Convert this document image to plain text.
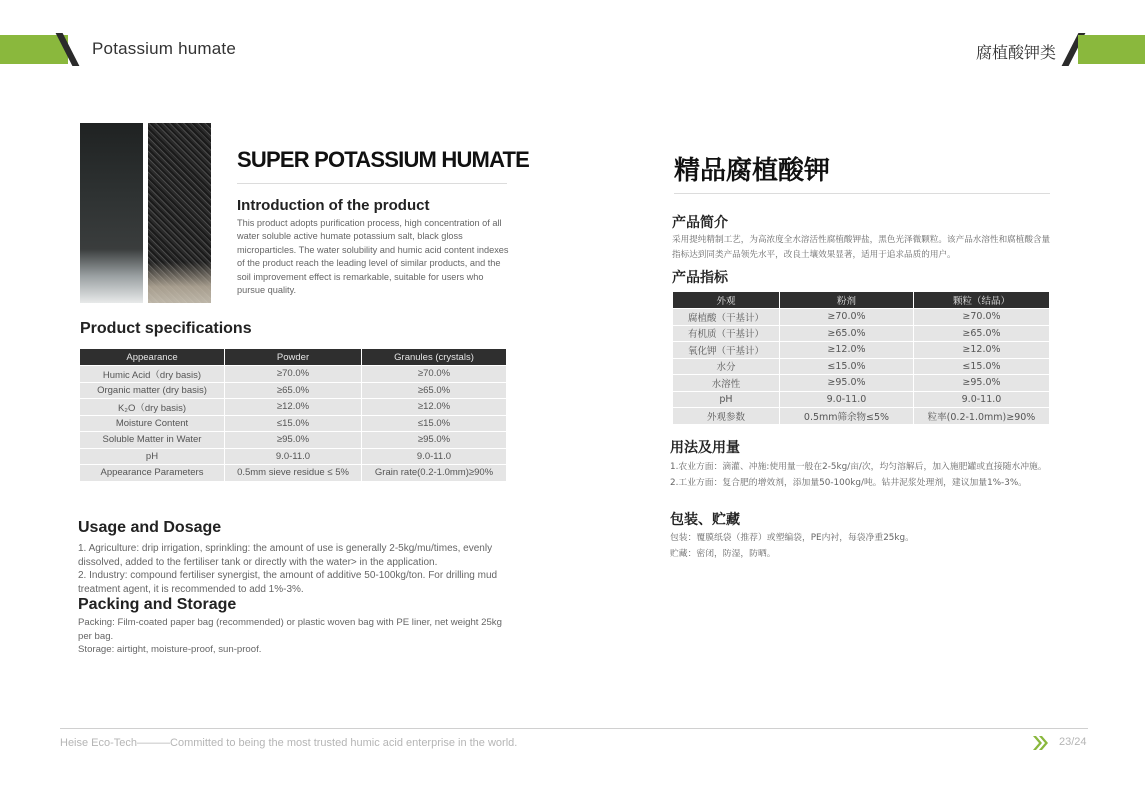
Potassium humate	腐植酸钾类
SUPER POTASSIUM HUMATE
Introduction of the product
This product adopts purification process, high concentration of all water soluble active humate potassium salt, black gloss microparticles. The water solubility and humic acid content indexes of the product reach the leading level of similar products, and the soil improvement effect is remarkable, suitable for users who pursue quality.
Product specifications
Appearance	Powder	Granules (crystals)
Humic Acid（dry basis)	≥70.0%	≥70.0%
Organic matter (dry basis)	≥65.0%	≥65.0%
K₂O（dry basis)	≥12.0%	≥12.0%
Moisture Content	≤15.0%	≤15.0%
Soluble Matter in Water	≥95.0%	≥95.0%
pH	9.0-11.0	9.0-11.0
Appearance Parameters	0.5mm sieve residue ≤ 5%	Grain rate(0.2-1.0mm)≥90%
Usage and Dosage
1. Agriculture: drip irrigation, sprinkling: the amount of use is generally 2-5kg/mu/times, evenly dissolved, added to the fertiliser tank or directly with the water> in the application.
2. Industry: compound fertiliser synergist, the amount of additive 50-100kg/ton. For drilling mud treatment agent, it is recommended to add 1%-3%.
Packing and Storage
Packing: Film-coated paper bag (recommended) or plastic woven bag with PE liner, net weight 25kg per bag.
Storage: airtight, moisture-proof, sun-proof.
精品腐植酸钾
产品简介
采用提纯精制工艺，为高浓度全水溶活性腐植酸钾盐，黑色光泽微颗粒。该产品水溶性和腐植酸含量指标达到同类产品领先水平，改良土壤效果显著，适用于追求品质的用户。
产品指标
外观	粉剂	颗粒（结晶）
腐植酸（干基计）	≥70.0%	≥70.0%
有机质（干基计）	≥65.0%	≥65.0%
氧化钾（干基计）	≥12.0%	≥12.0%
水分	≤15.0%	≤15.0%
水溶性	≥95.0%	≥95.0%
pH	9.0-11.0	9.0-11.0
外观参数	0.5mm筛余物≤5%	粒率(0.2-1.0mm)≥90%
用法及用量
1.农业方面：滴灌、冲施:使用量一般在2-5kg/亩/次，均匀溶解后，加入施肥罐或直接随水冲施。
2.工业方面：复合肥的增效剂，添加量50-100kg/吨。钻井泥浆处理剂，建议加量1%-3%。
包装、贮藏
包装：覆膜纸袋（推荐）或塑编袋，PE内衬，每袋净重25kg。
贮藏：密闭，防湿，防晒。
Heise Eco-Tech———Committed to being the most trusted humic acid enterprise in the world.	23/24
